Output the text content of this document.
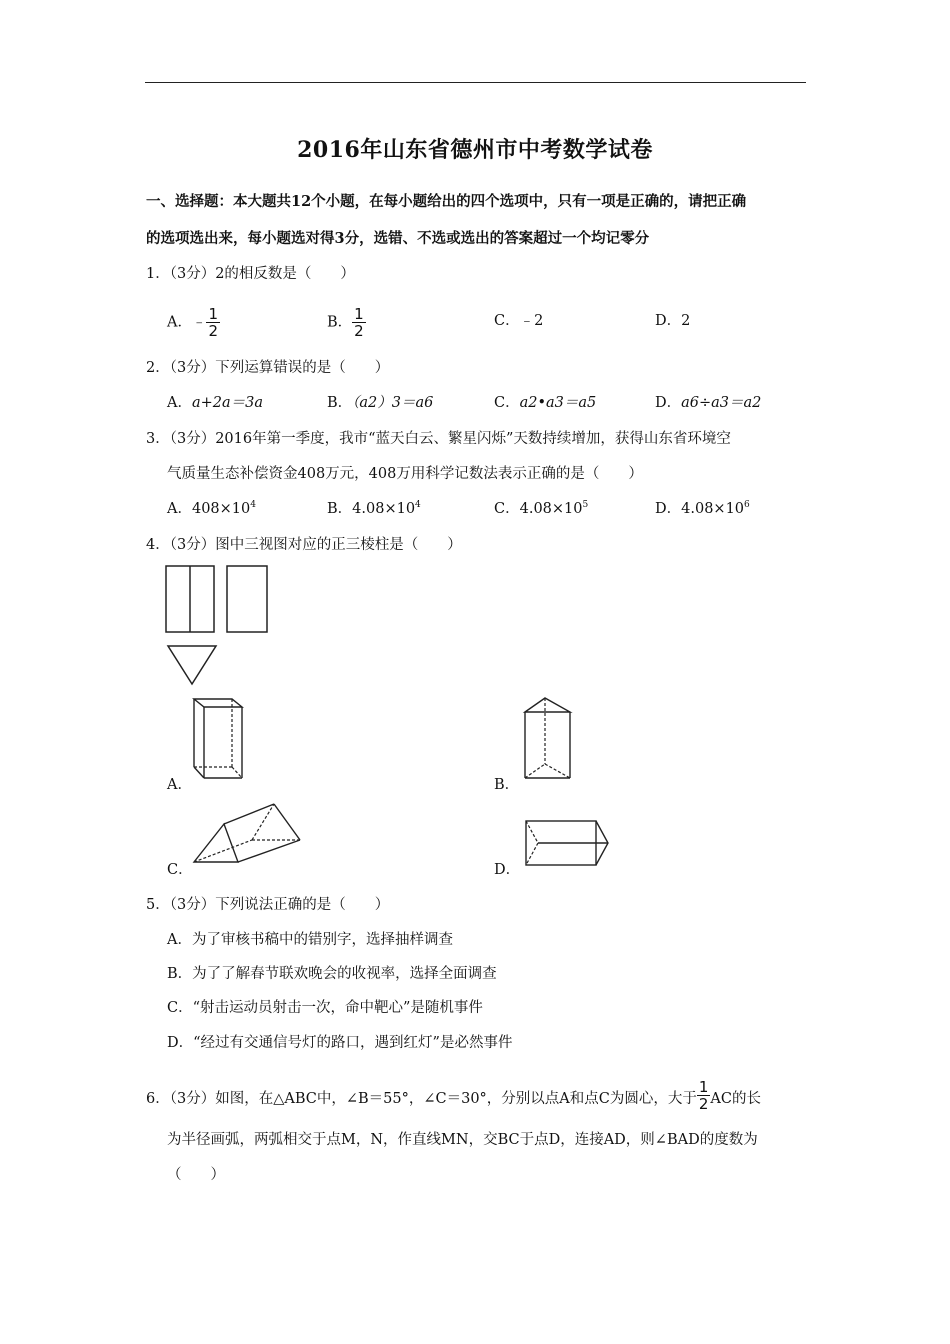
2016年山东省德州市中考数学试卷
一、选择题：本大题共12个小题，在每小题给出的四个选项中，只有一项是正确的，请把正确
的选项选出来，每小题选对得3分，选错、不选或选出的答案超过一个均记零分
1．（3分）2的相反数是（　　）
A．﹣ $\frac{1}{2}$	B． $\frac{1}{2}$	C．﹣2	D．2
2．（3分）下列运算错误的是（　　）
A．a+2a＝3a	B．（a2）3＝a6	C．a2•a3＝a5	D．a6÷a3＝a2
3．（3分）2016年第一季度，我市“蓝天白云、繁星闪烁”天数持续增加，获得山东省环境空
气质量生态补偿资金408万元，408万用科学记数法表示正确的是（　　）
A．$408\times 10^4$	B．$4.08\times 10^4$	C．$4.08\times 10^5$	D．$4.08\times 10^6$
4．（3分）图中三视图对应的正三棱柱是（　　）
A．	B．
C．	D．
5．（3分）下列说法正确的是（　　）
A．为了审核书稿中的错别字，选择抽样调查
B．为了了解春节联欢晚会的收视率，选择全面调查
C．“射击运动员射击一次，命中靶心”是随机事件
D．“经过有交通信号灯的路口，遇到红灯”是必然事件
6．（3分）如图，在△ABC中，∠B＝55°，∠C＝30°，分别以点A和点C为圆心，大于 $\frac{1}{2}$ AC的长
为半径画弧，两弧相交于点M，N，作直线MN，交BC于点D，连接AD，则∠BAD的度数为
（　　）
